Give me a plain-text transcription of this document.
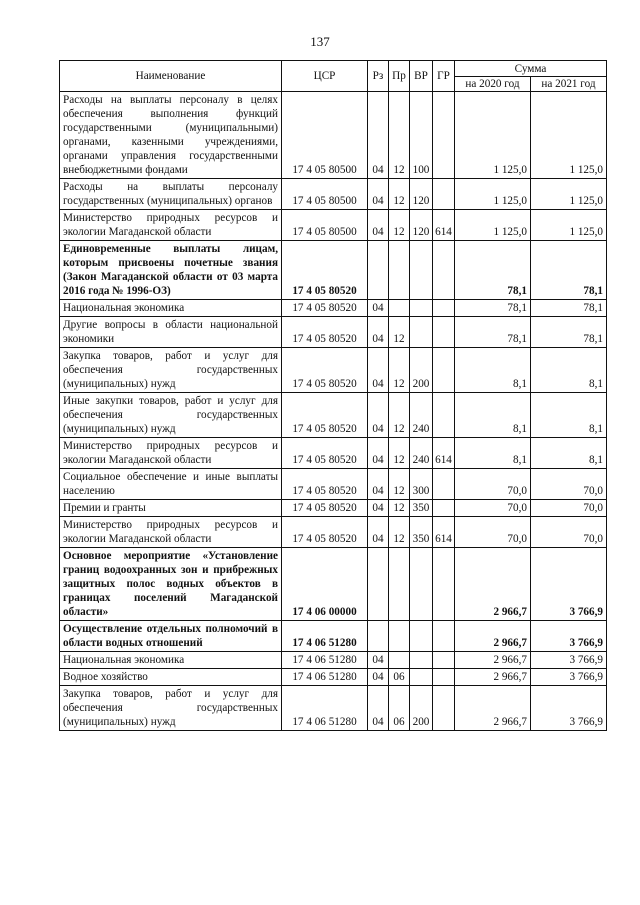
137
Наименование	ЦСР	Рз	Пр	ВР	ГР	Сумма	
						на 2020 год	на 2021 год
Расходы на выплаты персоналу в целях обеспечения выполнения функций государственными (муниципальными) органами, казенными учреждениями, органами управления государственными внебюджетными фондами	17 4 05 80500	04	12	100		1 125,0	1 125,0
Расходы на выплаты персоналу государственных (муниципальных) органов	17 4 05 80500	04	12	120		1 125,0	1 125,0
Министерство природных ресурсов и экологии Магаданской области	17 4 05 80500	04	12	120	614	1 125,0	1 125,0
Единовременные выплаты лицам, которым присвоены почетные звания (Закон Магаданской области от 03 марта 2016 года № 1996-ОЗ)	17 4 05 80520					78,1	78,1
Национальная экономика	17 4 05 80520	04				78,1	78,1
Другие вопросы в области национальной экономики	17 4 05 80520	04	12			78,1	78,1
Закупка товаров, работ и услуг для обеспечения государственных (муниципальных) нужд	17 4 05 80520	04	12	200		8,1	8,1
Иные закупки товаров, работ и услуг для обеспечения государственных (муниципальных) нужд	17 4 05 80520	04	12	240		8,1	8,1
Министерство природных ресурсов и экологии Магаданской области	17 4 05 80520	04	12	240	614	8,1	8,1
Социальное обеспечение и иные выплаты населению	17 4 05 80520	04	12	300		70,0	70,0
Премии и гранты	17 4 05 80520	04	12	350		70,0	70,0
Министерство природных ресурсов и экологии Магаданской области	17 4 05 80520	04	12	350	614	70,0	70,0
Основное мероприятие «Установление границ водоохранных зон и прибрежных защитных полос водных объектов в границах поселений Магаданской области»	17 4 06 00000					2 966,7	3 766,9
Осуществление отдельных полномочий в области водных отношений	17 4 06 51280					2 966,7	3 766,9
Национальная экономика	17 4 06 51280	04				2 966,7	3 766,9
Водное хозяйство	17 4 06 51280	04	06			2 966,7	3 766,9
Закупка товаров, работ и услуг для обеспечения государственных (муниципальных) нужд	17 4 06 51280	04	06	200		2 966,7	3 766,9
